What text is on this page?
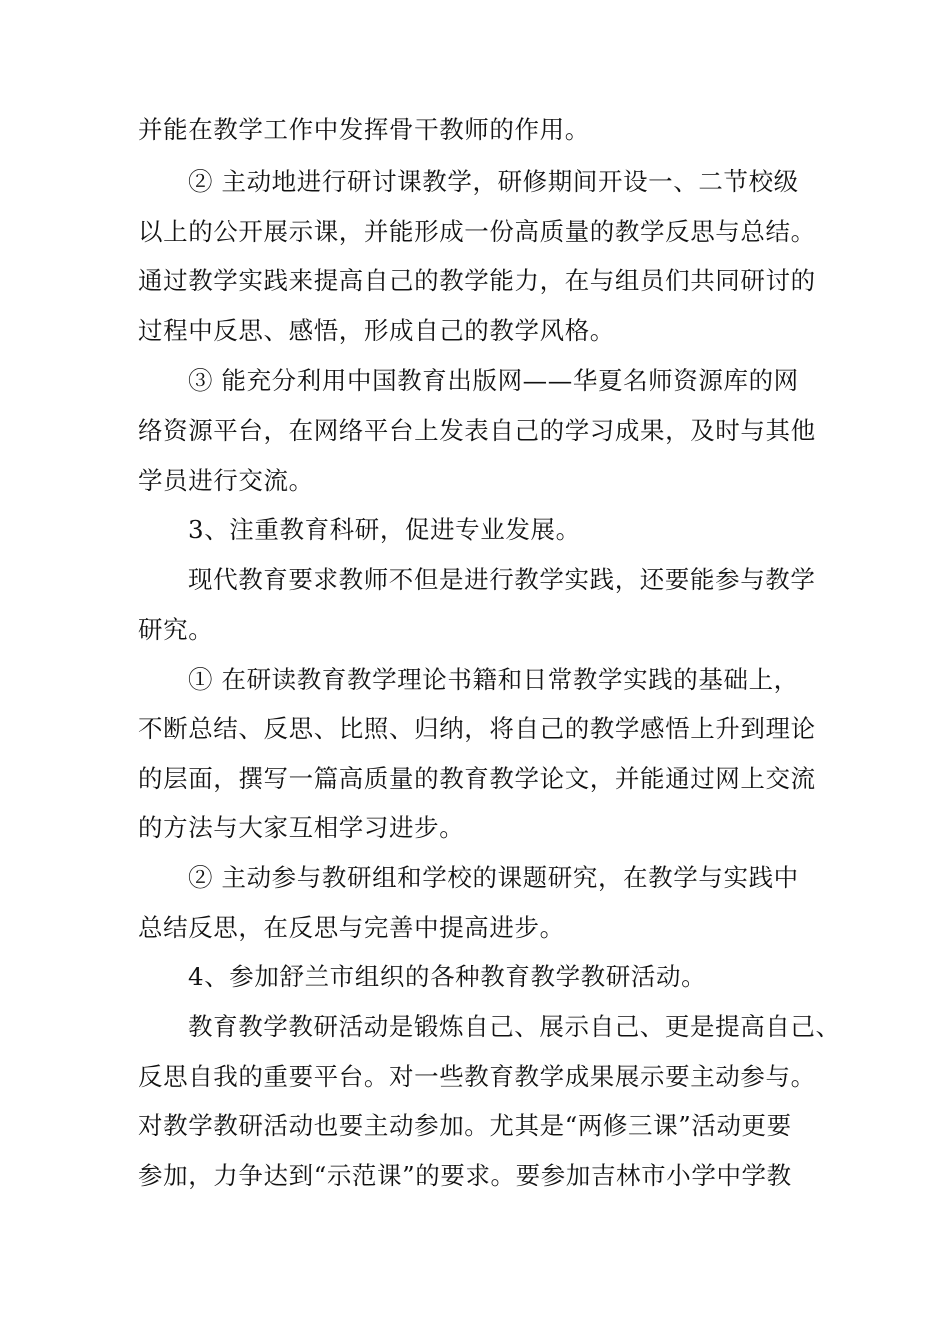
并能在教学工作中发挥骨干教师的作用。
② 主动地进行研讨课教学，研修期间开设一、二节校级
以上的公开展示课，并能形成一份高质量的教学反思与总结。
通过教学实践来提高自己的教学能力，在与组员们共同研讨的
过程中反思、感悟，形成自己的教学风格。
③ 能充分利用中国教育出版网——华夏名师资源库的网
络资源平台，在网络平台上发表自己的学习成果，及时与其他
学员进行交流。
3、注重教育科研，促进专业发展。
现代教育要求教师不但是进行教学实践，还要能参与教学
研究。
① 在研读教育教学理论书籍和日常教学实践的基础上，
不断总结、反思、比照、归纳，将自己的教学感悟上升到理论
的层面，撰写一篇高质量的教育教学论文，并能通过网上交流
的方法与大家互相学习进步。
② 主动参与教研组和学校的课题研究，在教学与实践中
总结反思，在反思与完善中提高进步。
4、参加舒兰市组织的各种教育教学教研活动。
教育教学教研活动是锻炼自己、展示自己、更是提高自己、
反思自我的重要平台。对一些教育教学成果展示要主动参与。
对教学教研活动也要主动参加。尤其是“两修三课”活动更要
参加，力争达到“示范课”的要求。要参加吉林市小学中学教
